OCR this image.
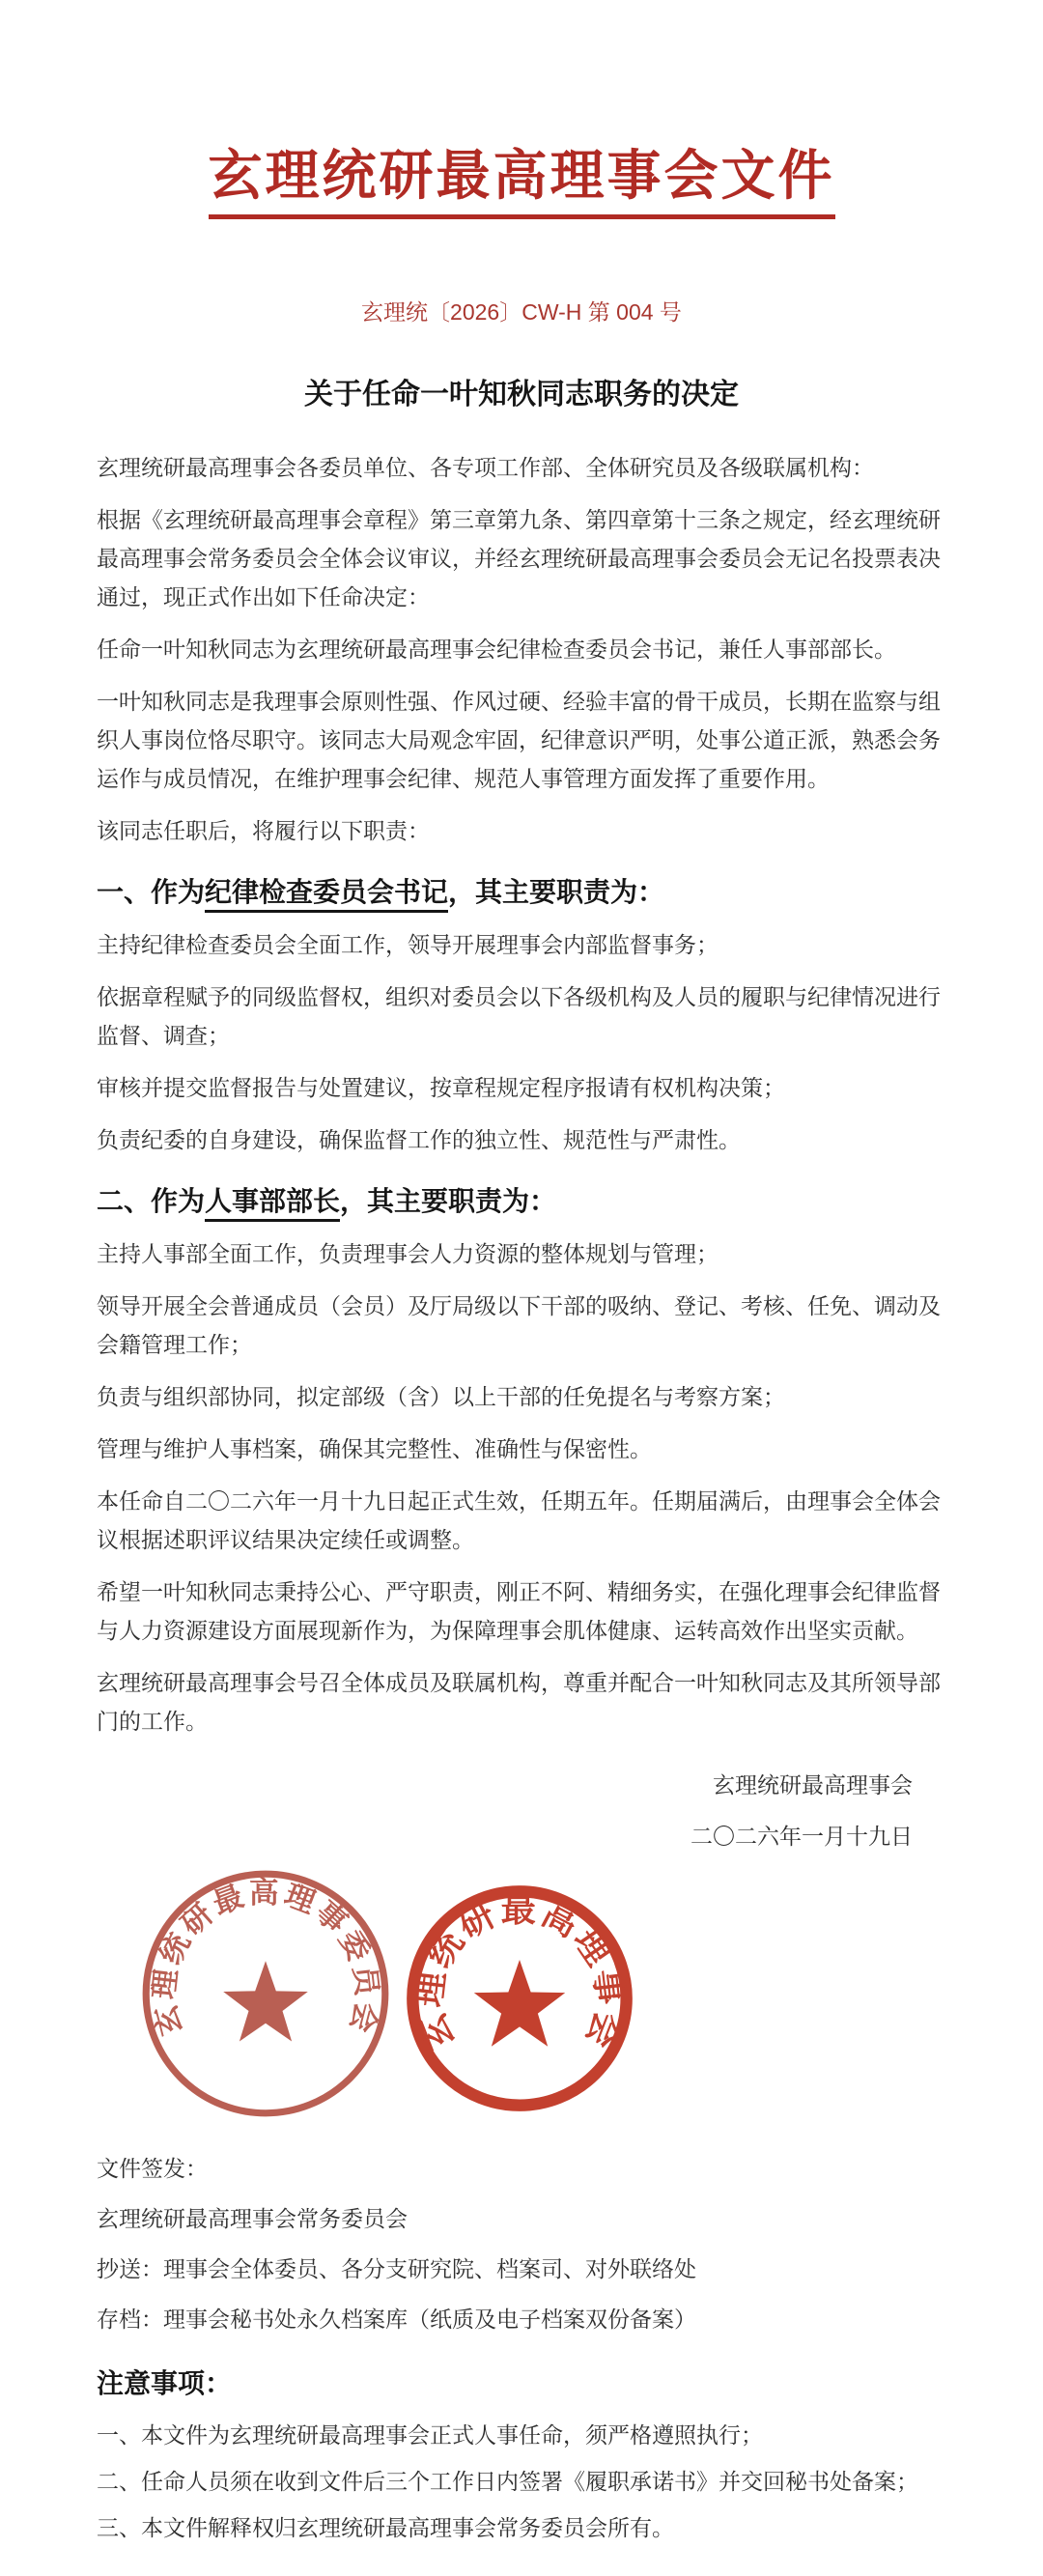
玄理统研最高理事会文件
玄理统〔2026〕CW-H 第 004 号
关于任命一叶知秋同志职务的决定

玄理统研最高理事会各委员单位、各专项工作部、全体研究员及各级联属机构：

根据《玄理统研最高理事会章程》第三章第九条、第四章第十三条之规定，经玄理统研最高理事会常务委员会全体会议审议，并经玄理统研最高理事会委员会无记名投票表决通过，现正式作出如下任命决定：

任命一叶知秋同志为玄理统研最高理事会纪律检查委员会书记，兼任人事部部长。

一叶知秋同志是我理事会原则性强、作风过硬、经验丰富的骨干成员，长期在监察与组织人事岗位恪尽职守。该同志大局观念牢固，纪律意识严明，处事公道正派，熟悉会务运作与成员情况，在维护理事会纪律、规范人事管理方面发挥了重要作用。

该同志任职后，将履行以下职责：

一、作为纪律检查委员会书记，其主要职责为：

主持纪律检查委员会全面工作，领导开展理事会内部监督事务；

依据章程赋予的同级监督权，组织对委员会以下各级机构及人员的履职与纪律情况进行监督、调查；

审核并提交监督报告与处置建议，按章程规定程序报请有权机构决策；

负责纪委的自身建设，确保监督工作的独立性、规范性与严肃性。

二、作为人事部部长，其主要职责为：

主持人事部全面工作，负责理事会人力资源的整体规划与管理；

领导开展全会普通成员（会员）及厅局级以下干部的吸纳、登记、考核、任免、调动及会籍管理工作；

负责与组织部协同，拟定部级（含）以上干部的任免提名与考察方案；

管理与维护人事档案，确保其完整性、准确性与保密性。

本任命自二〇二六年一月十九日起正式生效，任期五年。任期届满后，由理事会全体会议根据述职评议结果决定续任或调整。

希望一叶知秋同志秉持公心、严守职责，刚正不阿、精细务实，在强化理事会纪律监督与人力资源建设方面展现新作为，为保障理事会肌体健康、运转高效作出坚实贡献。

玄理统研最高理事会号召全体成员及联属机构，尊重并配合一叶知秋同志及其所领导部门的工作。

玄理统研最高理事会
二〇二六年一月十九日
玄理统研最高理事委员会 玄理统研最高理事会
文件签发：
玄理统研最高理事会常务委员会
抄送：理事会全体委员、各分支研究院、档案司、对外联络处
存档：理事会秘书处永久档案库（纸质及电子档案双份备案）
注意事项：
一、本文件为玄理统研最高理事会正式人事任命，须严格遵照执行；
二、任命人员须在收到文件后三个工作日内签署《履职承诺书》并交回秘书处备案；
三、本文件解释权归玄理统研最高理事会常务委员会所有。
